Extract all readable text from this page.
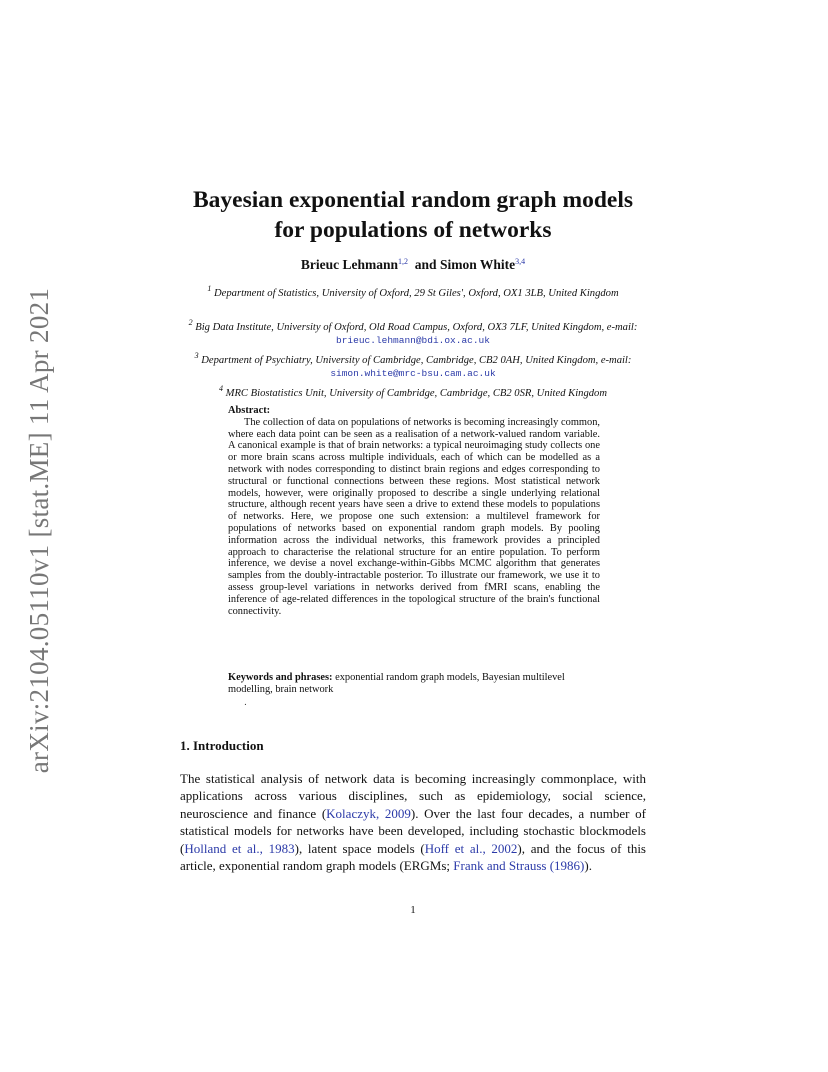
arXiv:2104.05110v1 [stat.ME] 11 Apr 2021
Bayesian exponential random graph models for populations of networks
Brieuc Lehmann$^{1,2}$ and Simon White$^{3,4}$
$^1$ Department of Statistics, University of Oxford, 29 St Giles', Oxford, OX1 3LB, United Kingdom
$^2$ Big Data Institute, University of Oxford, Old Road Campus, Oxford, OX3 7LF, United Kingdom, e-mail: brieuc.lehmann@bdi.ox.ac.uk
$^3$ Department of Psychiatry, University of Cambridge, Cambridge, CB2 0AH, United Kingdom, e-mail: simon.white@mrc-bsu.cam.ac.uk
$^4$ MRC Biostatistics Unit, University of Cambridge, Cambridge, CB2 0SR, United Kingdom
Abstract:
The collection of data on populations of networks is becoming increasingly common, where each data point can be seen as a realisation of a network-valued random variable. A canonical example is that of brain networks: a typical neuroimaging study collects one or more brain scans across multiple individuals, each of which can be modelled as a network with nodes corresponding to distinct brain regions and edges corresponding to structural or functional connections between these regions. Most statistical network models, however, were originally proposed to describe a single underlying relational structure, although recent years have seen a drive to extend these models to populations of networks. Here, we propose one such extension: a multilevel framework for populations of networks based on exponential random graph models. By pooling information across the individual networks, this framework provides a principled approach to characterise the relational structure for an entire population. To perform inference, we devise a novel exchange-within-Gibbs MCMC algorithm that generates samples from the doubly-intractable posterior. To illustrate our framework, we use it to assess group-level variations in networks derived from fMRI scans, enabling the inference of age-related differences in the topological structure of the brain's functional connectivity.
Keywords and phrases: exponential random graph models, Bayesian multilevel modelling, brain network
.
1. Introduction

The statistical analysis of network data is becoming increasingly commonplace, with applications across various disciplines, such as epidemiology, social science, neuroscience and finance (Kolaczyk, 2009). Over the last four decades, a number of statistical models for networks have been developed, including stochastic blockmodels (Holland et al., 1983), latent space models (Hoff et al., 2002), and the focus of this article, exponential random graph models (ERGMs; Frank and Strauss (1986)).

1
